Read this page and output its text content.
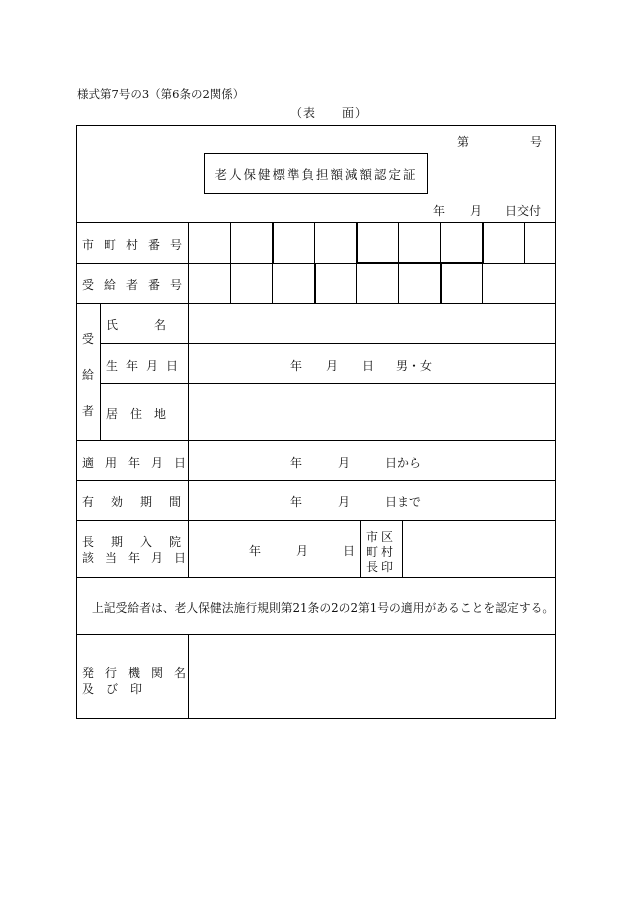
様式第7号の3（第6条の2関係）
（表　　面）
第	号
老人保健標準負担額減額認定証
年 月 日交付
市町村番号
受給者番号
受
給
者
氏　　　名
生年月日	年 月 日 男・女
居　住　地
適用年月日	年	月	日から
有効期間	年	月	日まで
長期入院
該当年月日	年	月	日
市区
町村
長印
上記受給者は、老人保健法施行規則第21条の2の2第1号の適用があることを認定する。
発行機関名
及　び　印
